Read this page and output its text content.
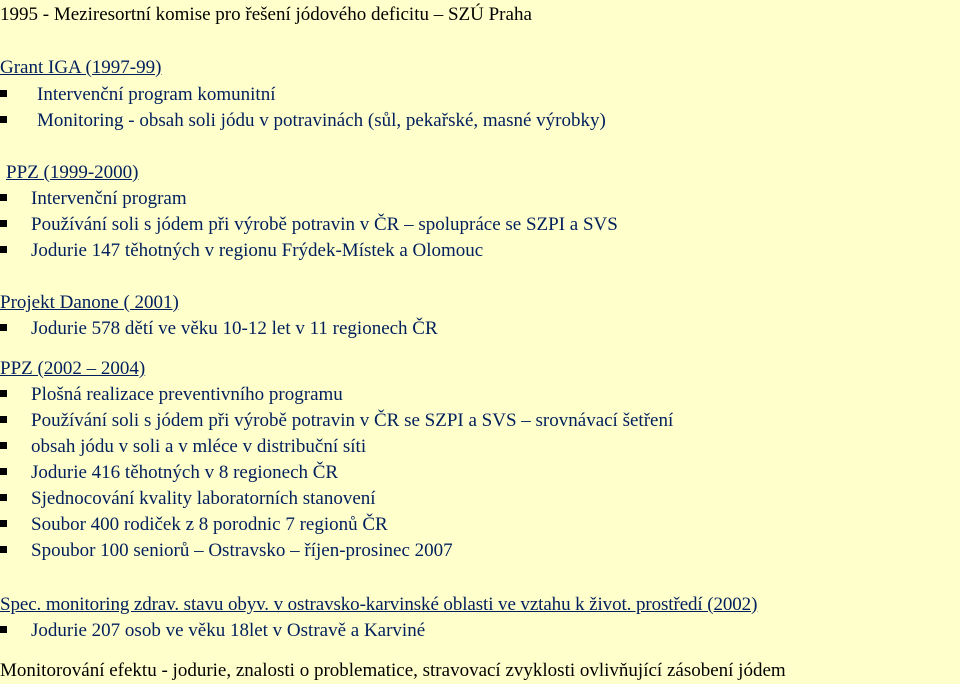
1995 - Meziresortní komise pro řešení jódového deficitu – SZÚ Praha
Grant IGA (1997-99)
Intervenční program komunitní
Monitoring - obsah soli jódu v potravinách (sůl, pekařské, masné výrobky)
PPZ (1999-2000)
Intervenční program
Používání soli s jódem při výrobě potravin v ČR – spolupráce se SZPI a SVS
Jodurie 147 těhotných v regionu Frýdek-Místek a Olomouc
Projekt Danone ( 2001)
Jodurie 578 dětí ve věku 10-12 let v 11 regionech ČR
PPZ (2002 – 2004)
Plošná realizace preventivního programu
Používání soli s jódem při výrobě potravin v ČR se SZPI a SVS – srovnávací šetření
obsah jódu v soli a v mléce v distribuční síti
Jodurie 416 těhotných v 8 regionech ČR
Sjednocování kvality laboratorních stanovení
Soubor 400 rodiček z 8 porodnic 7 regionů ČR
Spoubor 100 seniorů – Ostravsko – říjen-prosinec 2007
Spec. monitoring zdrav. stavu obyv. v ostravsko-karvinské oblasti ve vztahu k život. prostředí (2002)
Jodurie 207 osob ve věku 18let v Ostravě a Karviné
Monitorování efektu - jodurie, znalosti o problematice, stravovací zvyklosti ovlivňující zásobení jódem
